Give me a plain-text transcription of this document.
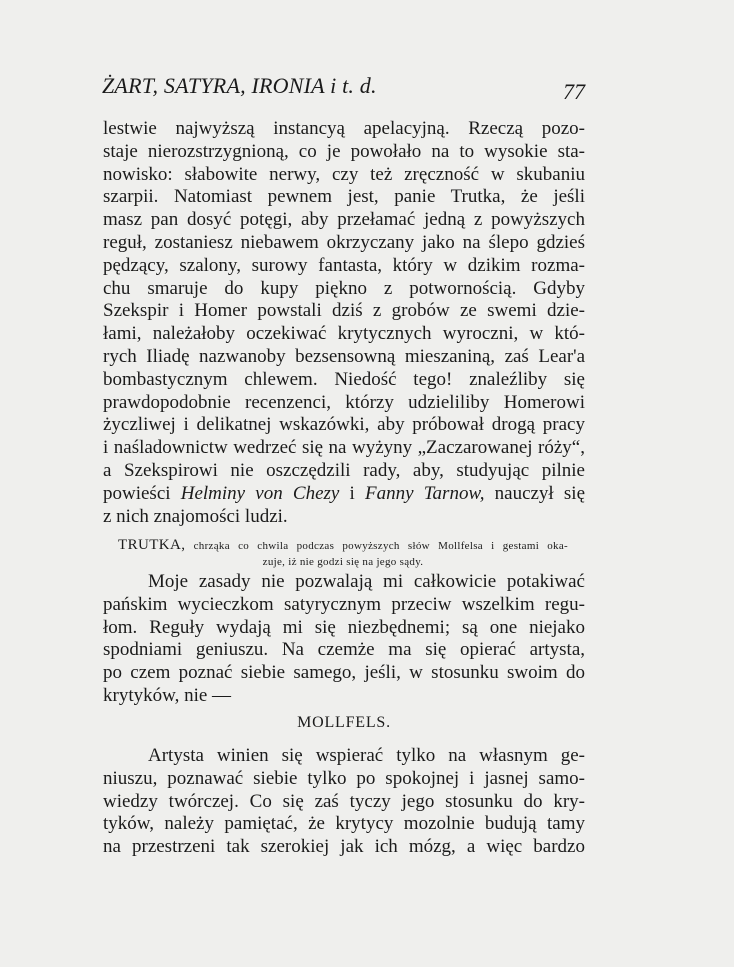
ŻART, SATYRA, IRONIA i t. d.	77
lestwie najwyższą instancyą apelacyjną. Rzeczą pozo-
staje nierozstrzygnioną, co je powołało na to wysokie sta-
nowisko: słabowite nerwy, czy też zręczność w skubaniu
szarpii. Natomiast pewnem jest, panie Trutka, że jeśli
masz pan dosyć potęgi, aby przełamać jedną z powyższych
reguł, zostaniesz niebawem okrzyczany jako na ślepo gdzieś
pędzący, szalony, surowy fantasta, który w dzikim rozma-
chu smaruje do kupy piękno z potwornością. Gdyby
Szekspir i Homer powstali dziś z grobów ze swemi dzie-
łami, należałoby oczekiwać krytycznych wyroczni, w któ-
rych Iliadę nazwanoby bezsensowną mieszaniną, zaś Lear'a
bombastycznym chlewem. Niedość tego! znaleźliby się
prawdopodobnie recenzenci, którzy udzieliliby Homerowi
życzliwej i delikatnej wskazówki, aby próbował drogą pracy
i naśladownictw wedrzeć się na wyżyny „Zaczarowanej róży“,
a Szekspirowi nie oszczędzili rady, aby, studyując pilnie
powieści Helminy von Chezy i Fanny Tarnow, nauczył się
z nich znajomości ludzi.
TRUTKA, chrząka co chwila podczas powyższych słów Mollfelsa i gestami oka-
zuje, iż nie godzi się na jego sądy.
Moje zasady nie pozwalają mi całkowicie potakiwać
pańskim wycieczkom satyrycznym przeciw wszelkim regu-
łom. Reguły wydają mi się niezbędnemi; są one niejako
spodniami geniuszu. Na czemże ma się opierać artysta,
po czem poznać siebie samego, jeśli, w stosunku swoim do
krytyków, nie —
MOLLFELS.
Artysta winien się wspierać tylko na własnym ge-
niuszu, poznawać siebie tylko po spokojnej i jasnej samo-
wiedzy twórczej. Co się zaś tyczy jego stosunku do kry-
tyków, należy pamiętać, że krytycy mozolnie budują tamy
na przestrzeni tak szerokiej jak ich mózg, a więc bardzo
